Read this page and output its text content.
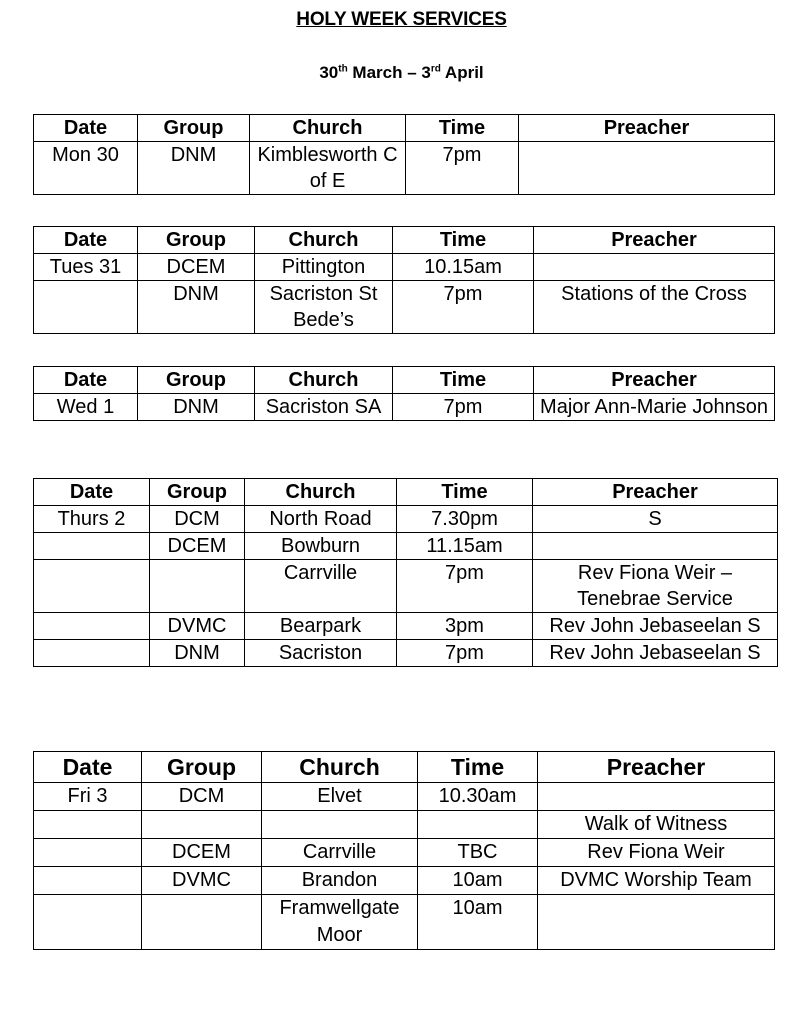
HOLY WEEK SERVICES
30th March – 3rd April
Date	Group	Church	Time	Preacher
Mon 30	DNM	Kimblesworth C of E	7pm	
Date	Group	Church	Time	Preacher
Tues 31	DCEM	Pittington	10.15am	
	DNM	Sacriston St Bede’s	7pm	Stations of the Cross
Date	Group	Church	Time	Preacher
Wed 1	DNM	Sacriston SA	7pm	Major Ann-Marie Johnson
Date	Group	Church	Time	Preacher
Thurs 2	DCM	North Road	7.30pm	S
	DCEM	Bowburn	11.15am	
		Carrville	7pm	Rev Fiona Weir – Tenebrae Service
	DVMC	Bearpark	3pm	Rev John Jebaseelan S
	DNM	Sacriston	7pm	Rev John Jebaseelan S
Date	Group	Church	Time	Preacher
Fri 3	DCM	Elvet	10.30am	
				Walk of Witness
	DCEM	Carrville	TBC	Rev Fiona Weir
	DVMC	Brandon	10am	DVMC Worship Team
		Framwellgate Moor	10am	
